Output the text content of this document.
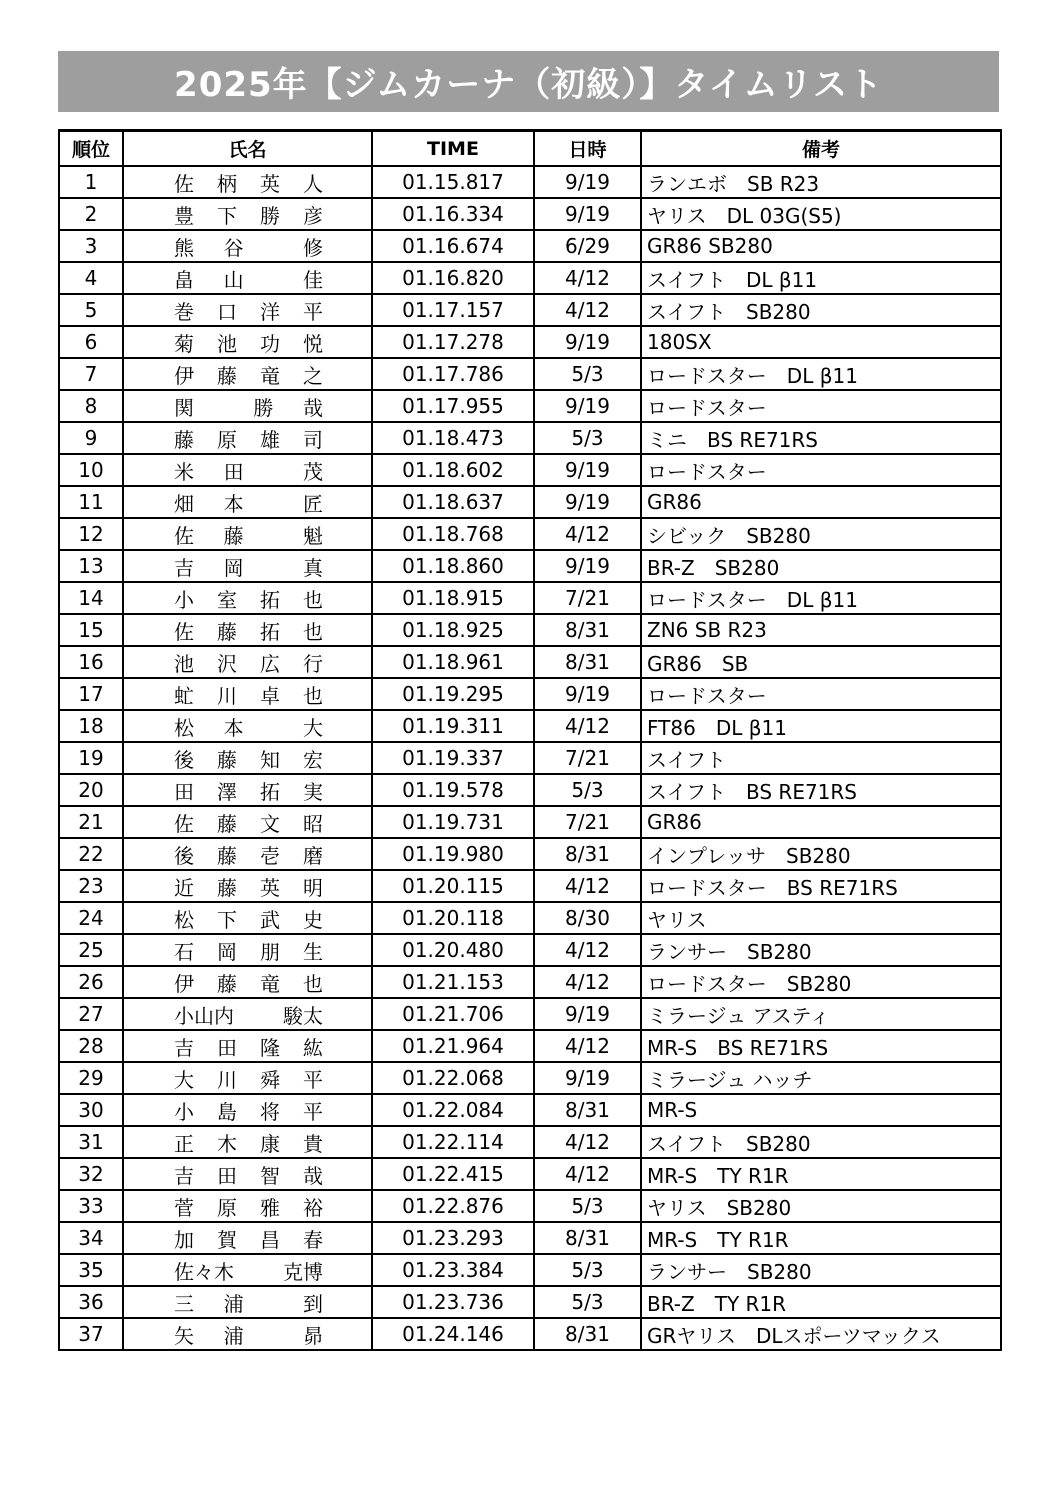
2025年【ジムカーナ（初級）】タイムリスト
順位	氏名	TIME	日時	備考
1	佐 柄 英 人	01.15.817	9/19	ランエボ　SB R23
2	豊 下 勝 彦	01.16.334	9/19	ヤリス　DL 03G(S5)
3	熊 谷 修	01.16.674	6/29	GR86 SB280
4	畠 山 佳	01.16.820	4/12	スイフト　DL β11
5	巻 口 洋 平	01.17.157	4/12	スイフト　SB280
6	菊 池 功 悦	01.17.278	9/19	180SX
7	伊 藤 竜 之	01.17.786	5/3	ロードスター　DL β11
8	関 勝 哉	01.17.955	9/19	ロードスター
9	藤 原 雄 司	01.18.473	5/3	ミニ　BS RE71RS
10	米 田 茂	01.18.602	9/19	ロードスター
11	畑 本 匠	01.18.637	9/19	GR86
12	佐 藤 魁	01.18.768	4/12	シビック　SB280
13	吉 岡 真	01.18.860	9/19	BR-Z　SB280
14	小 室 拓 也	01.18.915	7/21	ロードスター　DL β11
15	佐 藤 拓 也	01.18.925	8/31	ZN6 SB R23
16	池 沢 広 行	01.18.961	8/31	GR86　SB
17	虻 川 卓 也	01.19.295	9/19	ロードスター
18	松 本 大	01.19.311	4/12	FT86　DL β11
19	後 藤 知 宏	01.19.337	7/21	スイフト
20	田 澤 拓 実	01.19.578	5/3	スイフト　BS RE71RS
21	佐 藤 文 昭	01.19.731	7/21	GR86
22	後 藤 壱 磨	01.19.980	8/31	インプレッサ　SB280
23	近 藤 英 明	01.20.115	4/12	ロードスター　BS RE71RS
24	松 下 武 史	01.20.118	8/30	ヤリス
25	石 岡 朋 生	01.20.480	4/12	ランサー　SB280
26	伊 藤 竜 也	01.21.153	4/12	ロードスター　SB280
27	小山内 駿太	01.21.706	9/19	ミラージュ アスティ
28	吉 田 隆 紘	01.21.964	4/12	MR-S　BS RE71RS
29	大 川 舜 平	01.22.068	9/19	ミラージュ ハッチ
30	小 島 将 平	01.22.084	8/31	MR-S
31	正 木 康 貴	01.22.114	4/12	スイフト　SB280
32	吉 田 智 哉	01.22.415	4/12	MR-S　TY R1R
33	菅 原 雅 裕	01.22.876	5/3	ヤリス　SB280
34	加 賀 昌 春	01.23.293	8/31	MR-S　TY R1R
35	佐々木 克博	01.23.384	5/3	ランサー　SB280
36	三 浦 到	01.23.736	5/3	BR-Z　TY R1R
37	矢 浦 昴	01.24.146	8/31	GRヤリス　DLスポーツマックス
